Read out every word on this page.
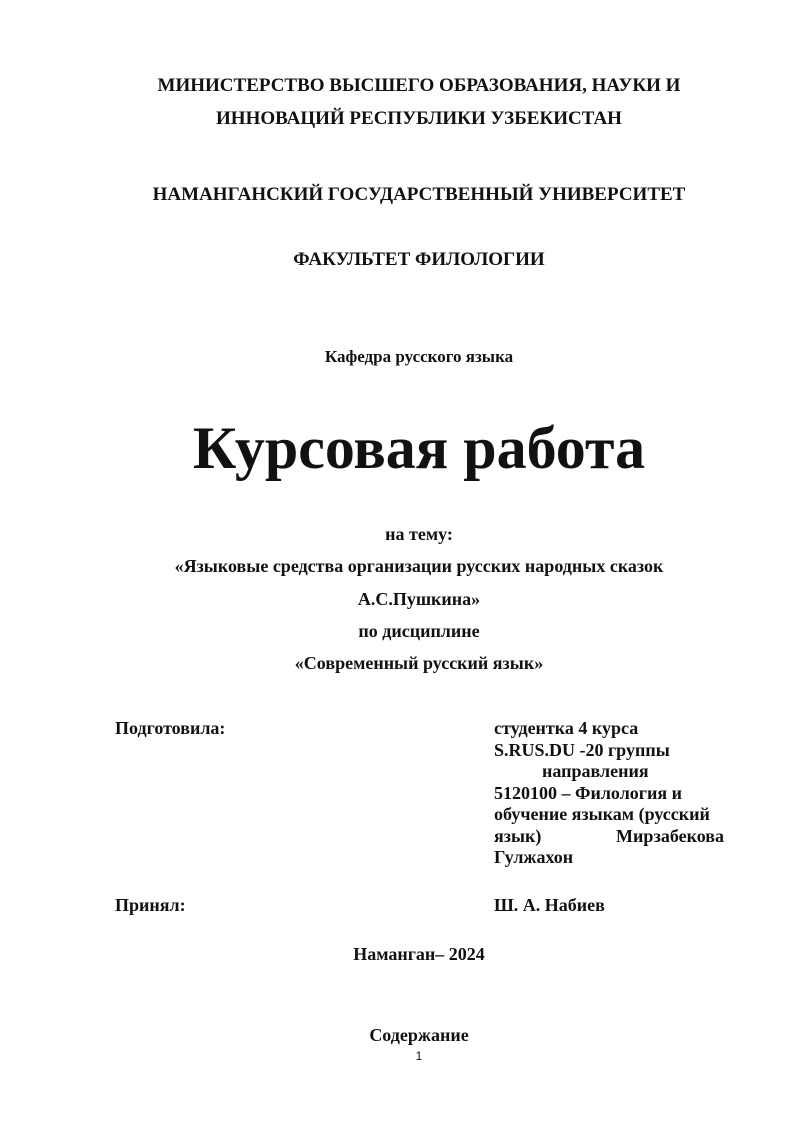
МИНИСТЕРСТВО ВЫСШЕГО ОБРАЗОВАНИЯ, НАУКИ И
ИННОВАЦИЙ РЕСПУБЛИКИ УЗБЕКИСТАН
НАМАНГАНСКИЙ ГОСУДАРСТВЕННЫЙ УНИВЕРСИТЕТ
ФАКУЛЬТЕТ ФИЛОЛОГИИ
Кафедра русского языка
Курсовая работа
на тему:
«Языковые средства организации русских народных сказок
А.С.Пушкина»
по дисциплине
«Современный русский язык»
Подготовила:	студентка 4 курса
S.RUS.DU -20 группы
направления
5120100 – Филология и
обучение языкам (русский
язык)	Мирзабекова
Гулжахон
Принял:	Ш. А. Набиев
Наманган– 2024
Содержание
1
